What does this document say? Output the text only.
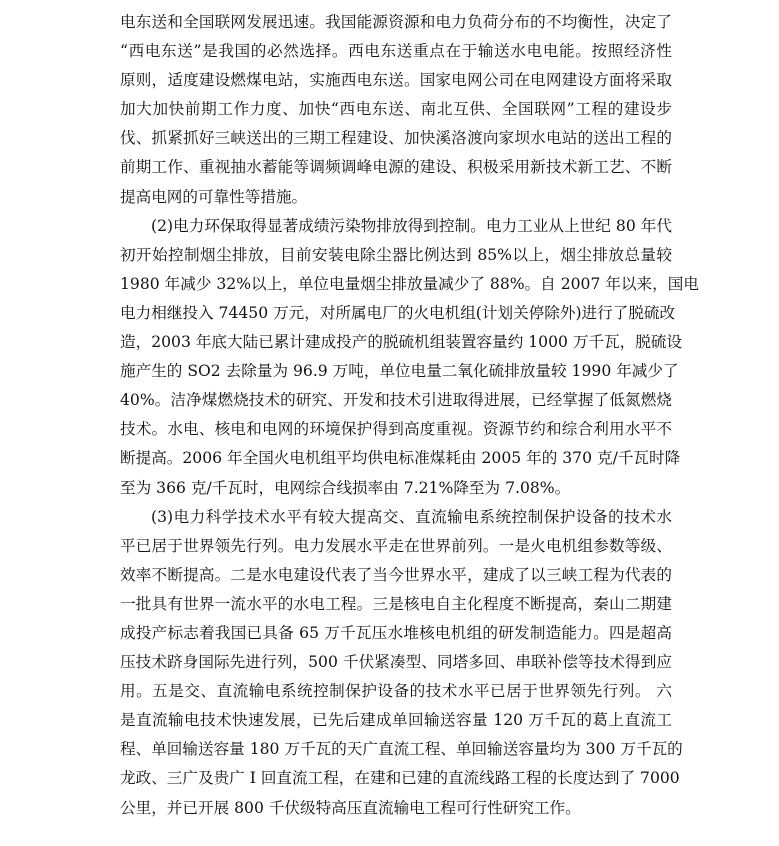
电东送和全国联网发展迅速。我国能源资源和电力负荷分布的不均衡性，决定了
“西电东送”是我国的必然选择。西电东送重点在于输送水电电能。按照经济性
原则，适度建设燃煤电站，实施西电东送。国家电网公司在电网建设方面将采取
加大加快前期工作力度、加快“西电东送、南北互供、全国联网”工程的建设步
伐、抓紧抓好三峡送出的三期工程建设、加快溪洛渡向家坝水电站的送出工程的
前期工作、重视抽水蓄能等调频调峰电源的建设、积极采用新技术新工艺、不断
提高电网的可靠性等措施。
(2)电力环保取得显著成绩污染物排放得到控制。电力工业从上世纪 80 年代
初开始控制烟尘排放，目前安装电除尘器比例达到 85%以上，烟尘排放总量较
1980 年减少 32%以上，单位电量烟尘排放量减少了 88%。自 2007 年以来，国电
电力相继投入 74450 万元，对所属电厂的火电机组(计划关停除外)进行了脱硫改
造，2003 年底大陆已累计建成投产的脱硫机组装置容量约 1000 万千瓦，脱硫设
施产生的 SO2 去除量为 96.9 万吨，单位电量二氧化硫排放量较 1990 年减少了
40%。洁净煤燃烧技术的研究、开发和技术引进取得进展，已经掌握了低氮燃烧
技术。水电、核电和电网的环境保护得到高度重视。资源节约和综合利用水平不
断提高。2006 年全国火电机组平均供电标准煤耗由 2005 年的 370 克/千瓦时降
至为 366 克/千瓦时，电网综合线损率由 7.21%降至为 7.08%。
(3)电力科学技术水平有较大提高交、直流输电系统控制保护设备的技术水
平已居于世界领先行列。电力发展水平走在世界前列。一是火电机组参数等级、
效率不断提高。二是水电建设代表了当今世界水平，建成了以三峡工程为代表的
一批具有世界一流水平的水电工程。三是核电自主化程度不断提高，秦山二期建
成投产标志着我国已具备 65 万千瓦压水堆核电机组的研发制造能力。四是超高
压技术跻身国际先进行列，500 千伏紧凑型、同塔多回、串联补偿等技术得到应
用。五是交、直流输电系统控制保护设备的技术水平已居于世界领先行列。 六
是直流输电技术快速发展，已先后建成单回输送容量 120 万千瓦的葛上直流工
程、单回输送容量 180 万千瓦的天广直流工程、单回输送容量均为 300 万千瓦的
龙政、三广及贵广 I 回直流工程，在建和已建的直流线路工程的长度达到了 7000
公里，并已开展 800 千伏级特高压直流输电工程可行性研究工作。
